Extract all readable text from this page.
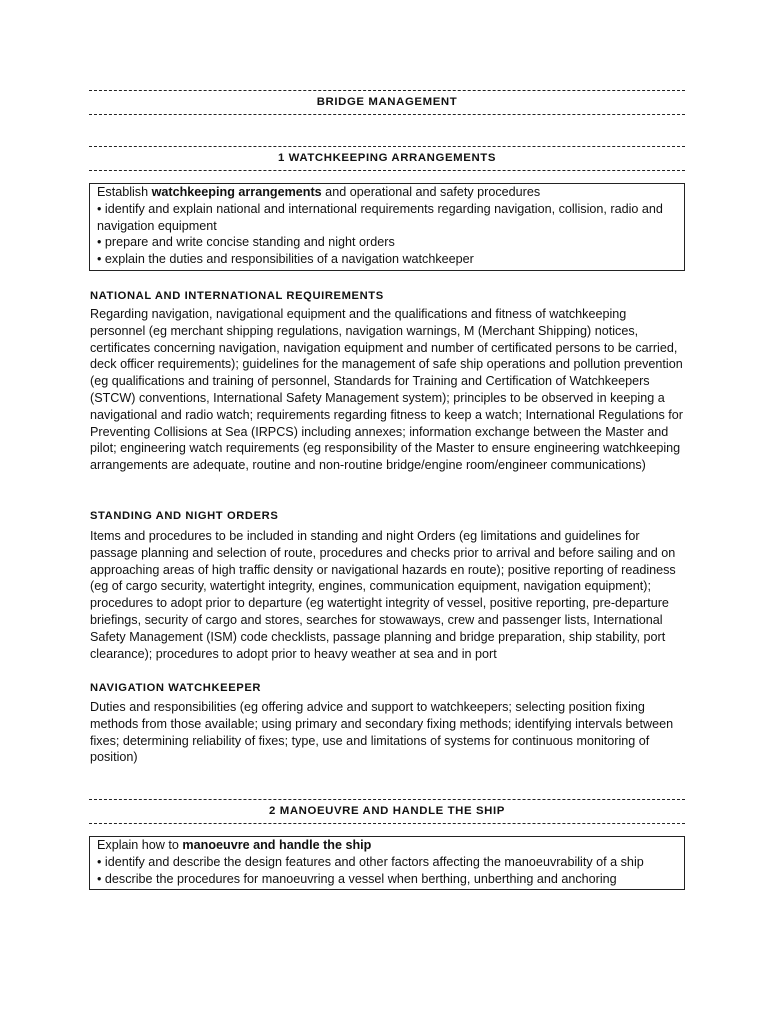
BRIDGE MANAGEMENT
1 WATCHKEEPING ARRANGEMENTS

Establish watchkeeping arrangements and operational and safety procedures

• identify and explain national and international requirements regarding navigation, collision, radio and navigation equipment

• prepare and write concise standing and night orders

• explain the duties and responsibilities of a navigation watchkeeper

NATIONAL AND INTERNATIONAL REQUIREMENTS

Regarding navigation, navigational equipment and the qualifications and fitness of watchkeeping personnel (eg merchant shipping regulations, navigation warnings, M (Merchant Shipping) notices, certificates concerning navigation, navigation equipment and number of certificated persons to be carried, deck officer requirements); guidelines for the management of safe ship operations and pollution prevention (eg qualifications and training of personnel, Standards for Training and Certification of Watchkeepers (STCW) conventions, International Safety Management system); principles to be observed in keeping a navigational and radio watch; requirements regarding fitness to keep a watch; International Regulations for Preventing Collisions at Sea (IRPCS) including annexes; information exchange between the Master and pilot; engineering watch requirements (eg responsibility of the Master to ensure engineering watchkeeping arrangements are adequate, routine and non-routine bridge/engine room/engineer communications)

STANDING AND NIGHT ORDERS

Items and procedures to be included in standing and night Orders (eg limitations and guidelines for passage planning and selection of route, procedures and checks prior to arrival and before sailing and on approaching areas of high traffic density or navigational hazards en route); positive reporting of readiness (eg of cargo security, watertight integrity, engines, communication equipment, navigation equipment); procedures to adopt prior to departure (eg watertight integrity of vessel, positive reporting, pre-departure briefings, security of cargo and stores, searches for stowaways, crew and passenger lists, International Safety Management (ISM) code checklists, passage planning and bridge preparation, ship stability, port clearance); procedures to adopt prior to heavy weather at sea and in port

NAVIGATION WATCHKEEPER

Duties and responsibilities (eg offering advice and support to watchkeepers; selecting position fixing methods from those available; using primary and secondary fixing methods; identifying intervals between fixes; determining reliability of fixes; type, use and limitations of systems for continuous monitoring of position)

2 MANOEUVRE AND HANDLE THE SHIP

Explain how to manoeuvre and handle the ship

• identify and describe the design features and other factors affecting the manoeuvrability of a ship

• describe the procedures for manoeuvring a vessel when berthing, unberthing and anchoring
